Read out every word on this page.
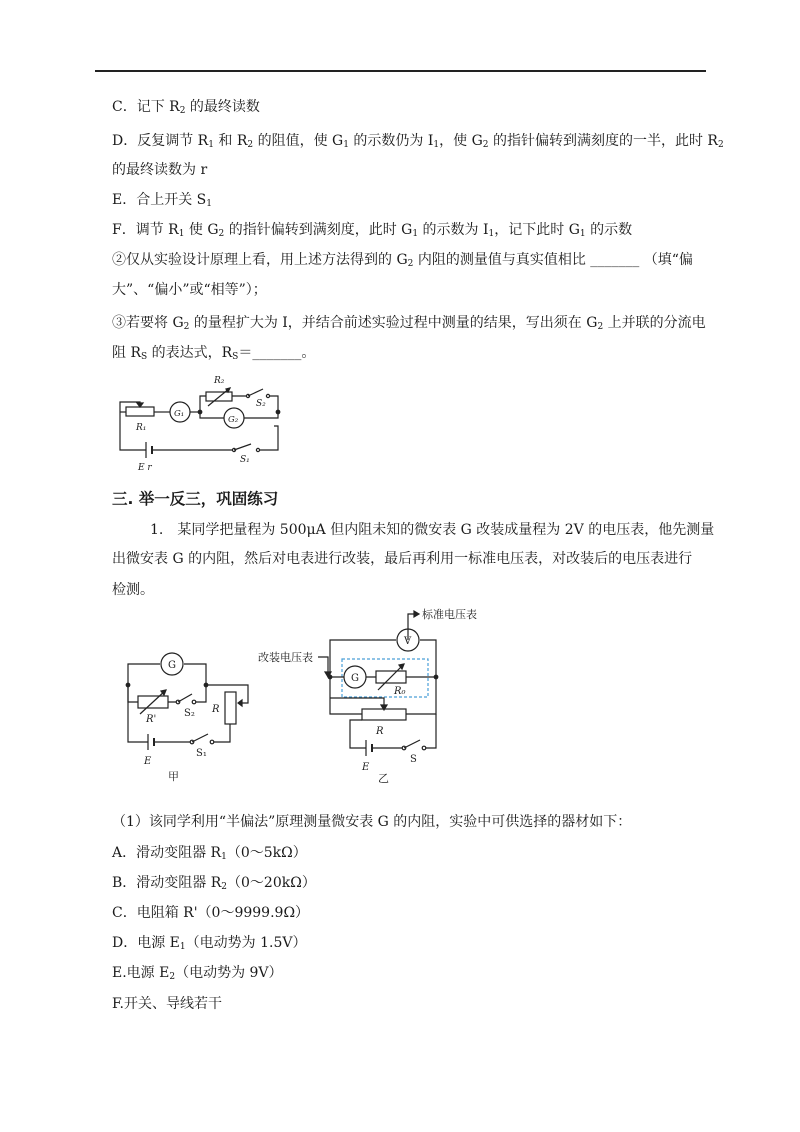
C．记下 $R_2$ 的最终读数
D．反复调节 $R_1$ 和 $R_2$ 的阻值，使 $G_1$ 的示数仍为 $I_1$，使 $G_2$ 的指针偏转到满刻度的一半，此时 $R_2$
的最终读数为 r
E．合上开关 $S_1$
F．调节 $R_1$ 使 $G_2$ 的指针偏转到满刻度，此时 $G_1$ 的示数为 $I_1$，记下此时 $G_1$ 的示数
②仅从实验设计原理上看，用上述方法得到的 $G_2$ 内阻的测量值与真实值相比 _______ （填“偏
大”、“偏小”或“相等”）；
③若要将 $G_2$ 的量程扩大为 I，并结合前述实验过程中测量的结果，写出须在 $G_2$ 上并联的分流电
阻 $R_S$ 的表达式，$R_S=\_\_\_\_\_\_\_$。
R₂
G₁
G₂
S₂
R₁
E r
S₁
三. 举一反三，巩固练习
1.　某同学把量程为 500μA 但内阻未知的微安表 G 改装成量程为 2V 的电压表，他先测量
出微安表 G 的内阻，然后对电表进行改装，最后再利用一标准电压表，对改装后的电压表进行
检测。
G
R'
S₂ R
E
S₁
甲
标准电压表
改装电压表
V
G
R₀
R
E
S
乙
（1）该同学利用“半偏法”原理测量微安表 G 的内阻，实验中可供选择的器材如下：
A．滑动变阻器 $R_1(0\sim 5k\Omega)$
B．滑动变阻器 $R_2(0\sim 20k\Omega)$
C．电阻箱 R'（0～9999.9Ω）
D．电源 $E_1$（电动势为 1.5V）
E.电源 $E_2$（电动势为 9V）
F.开关、导线若干
